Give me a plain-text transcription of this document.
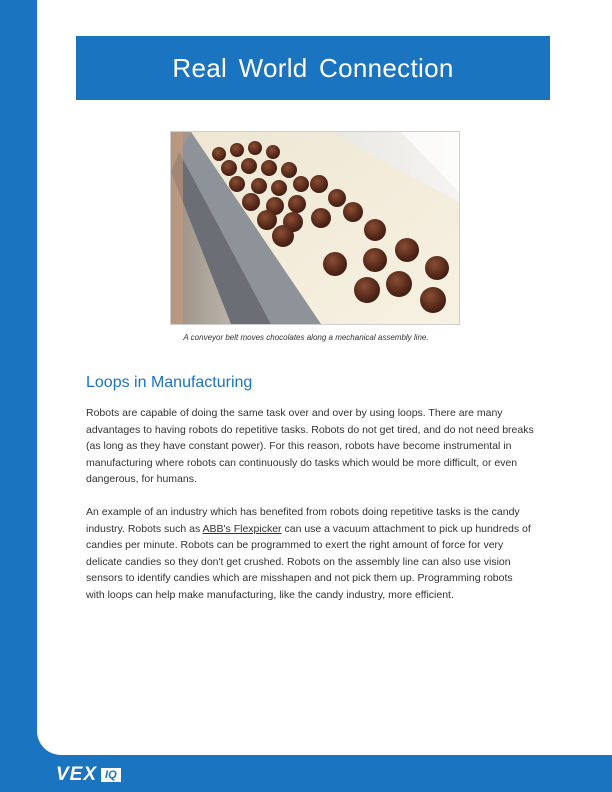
Real World Connection
A conveyor belt moves chocolates along a mechanical assembly line.
Loops in Manufacturing

Robots are capable of doing the same task over and over by using loops. There are many advantages to having robots do repetitive tasks. Robots do not get tired, and do not need breaks (as long as they have constant power). For this reason, robots have become instrumental in manufacturing where robots can continuously do tasks which would be more difficult, or even dangerous, for humans.

An example of an industry which has benefited from robots doing repetitive tasks is the candy industry. Robots such as ABB's Flexpicker can use a vacuum attachment to pick up hundreds of candies per minute. Robots can be programmed to exert the right amount of force for very delicate candies so they don't get crushed. Robots on the assembly line can also use vision sensors to identify candies which are misshapen and not pick them up. Programming robots with loops can help make manufacturing, like the candy industry, more efficient.

VEX IQ
